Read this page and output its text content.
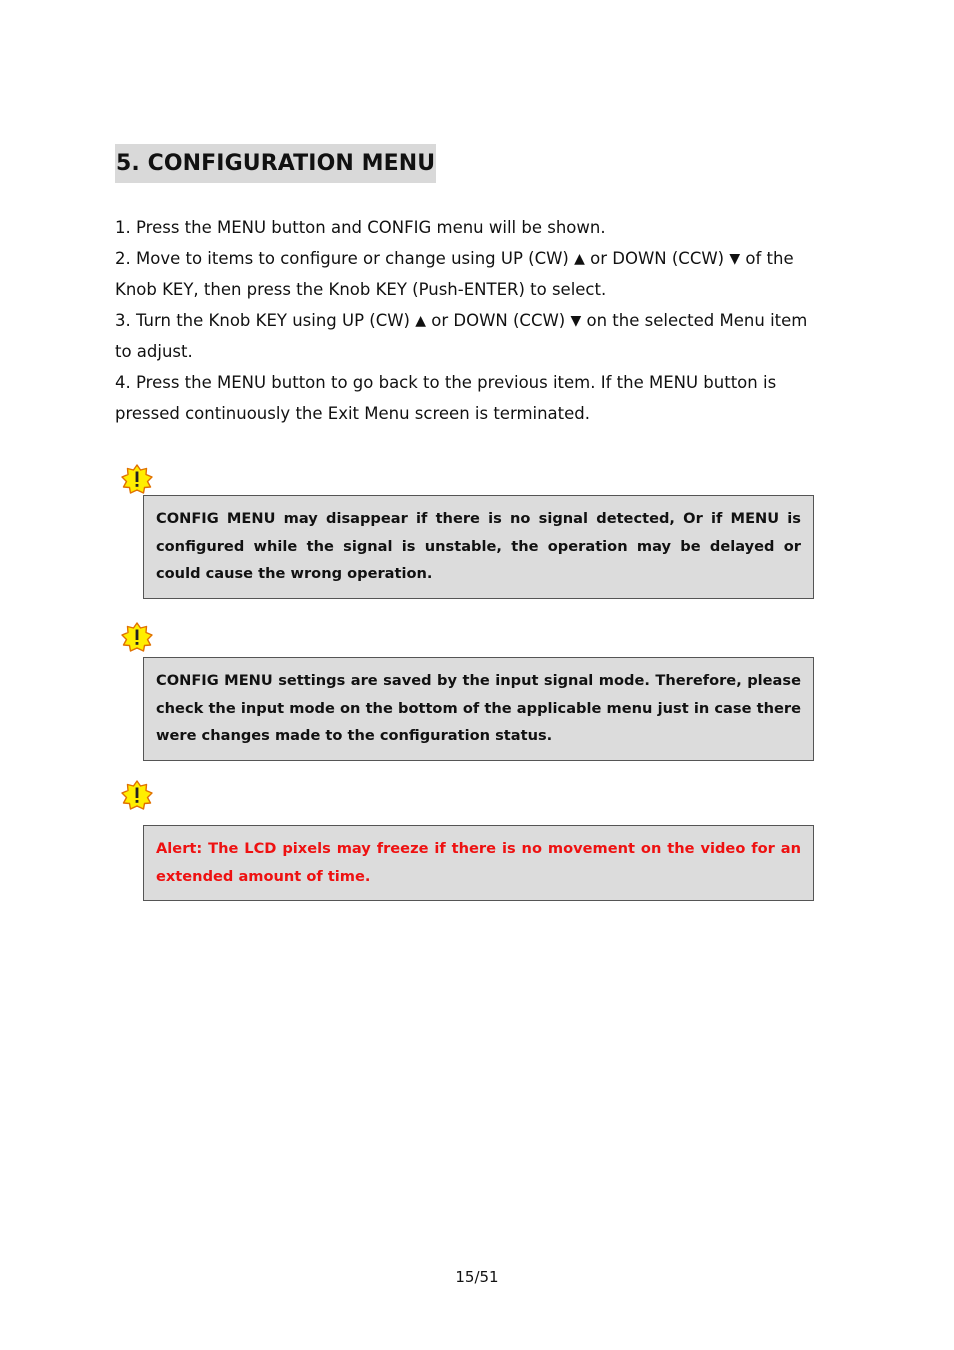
5. CONFIGURATION MENU

1. Press the MENU button and CONFIG menu will be shown.

2. Move to items to configure or change using UP (CW) ▲ or DOWN (CCW) ▼ of the Knob KEY, then press the Knob KEY (Push-ENTER) to select.

3. Turn the Knob KEY using UP (CW) ▲ or DOWN (CCW) ▼ on the selected Menu item to adjust.

4. Press the MENU button to go back to the previous item. If the MENU button is pressed continuously the Exit Menu screen is terminated.

CONFIG MENU may disappear if there is no signal detected, Or if MENU is configured while the signal is unstable, the operation may be delayed or could cause the wrong operation.
CONFIG MENU settings are saved by the input signal mode. Therefore, please check the input mode on the bottom of the applicable menu just in case there were changes made to the configuration status.
Alert: The LCD pixels may freeze if there is no movement on the video for an extended amount of time.
15/51
